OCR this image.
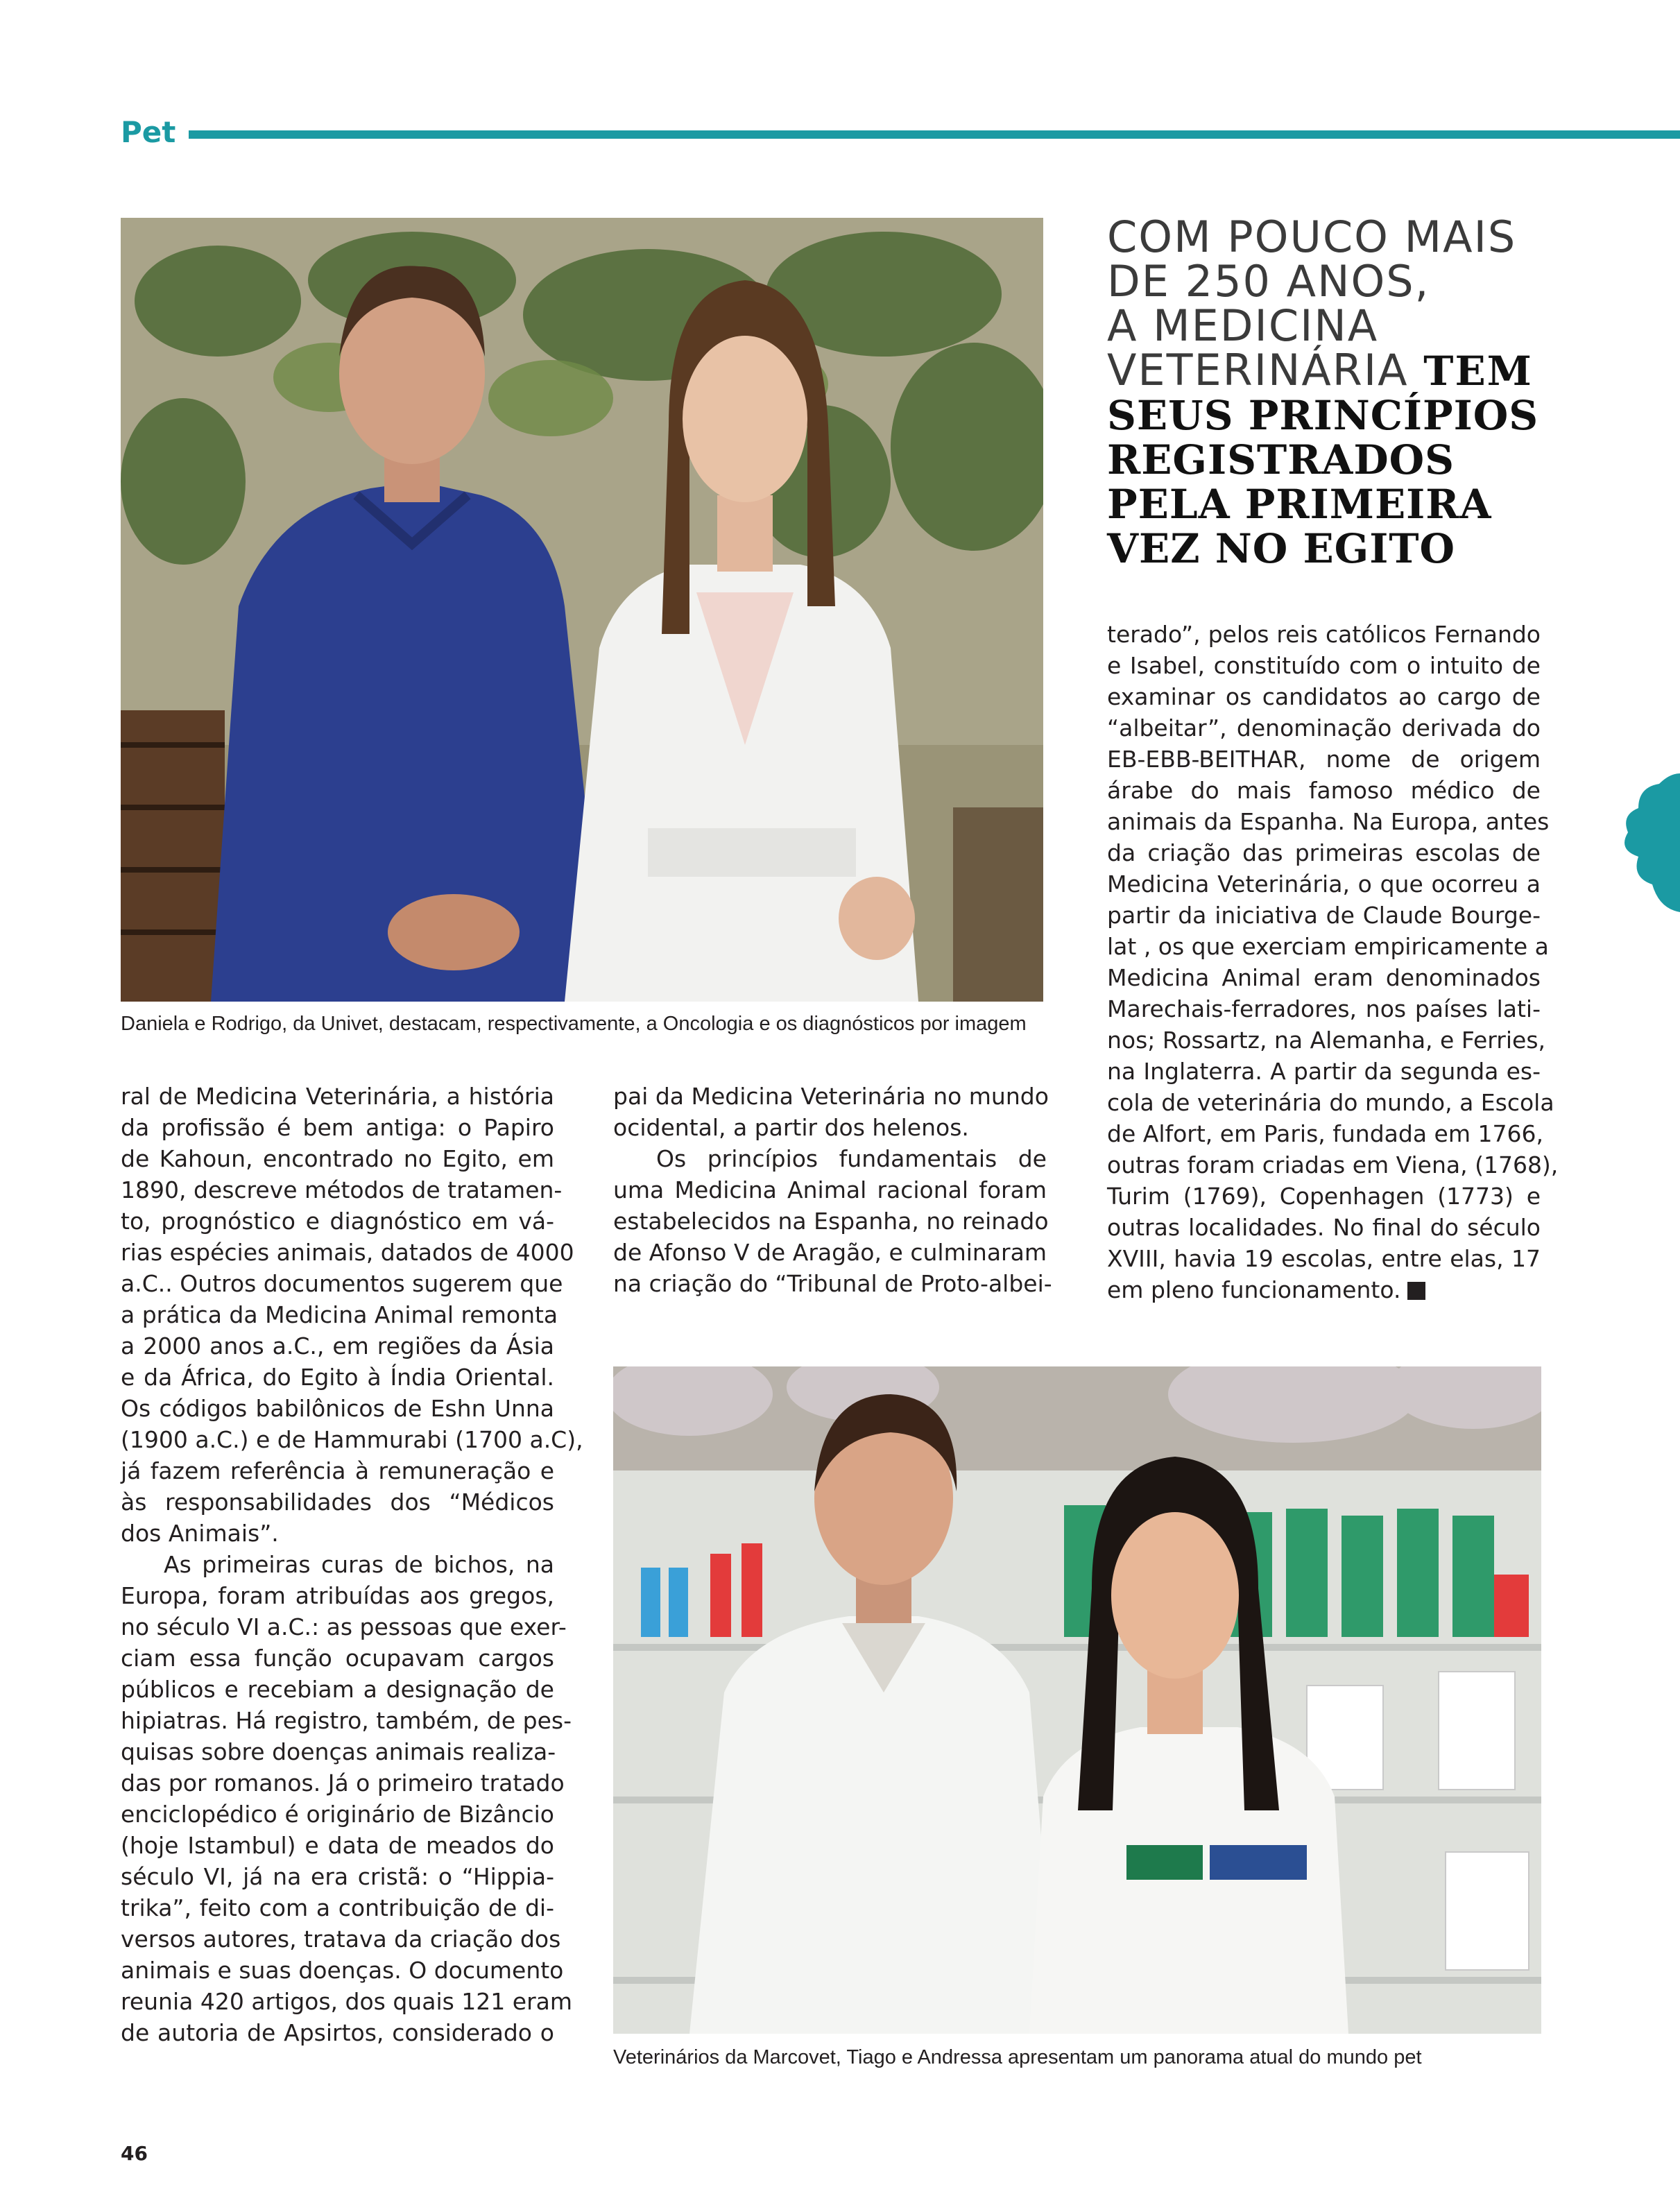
Pet
Daniela e Rodrigo, da Univet, destacam, respectivamente, a Oncologia e os diagnósticos por imagem
COM POUCO MAIS
DE 250 ANOS,
A MEDICINA
VETERINÁRIA TEM
SEUS PRINCÍPIOS
REGISTRADOS
PELA PRIMEIRA
VEZ NO EGITO

ral de Medicina Veterinária, a história

da profissão é bem antiga: o Papiro

de Kahoun, encontrado no Egito, em

1890, descreve métodos de tratamen-

to, prognóstico e diagnóstico em vá-

rias espécies animais, datados de 4000

a.C.. Outros documentos sugerem que

a prática da Medicina Animal remonta

a 2000 anos a.C., em regiões da Ásia

e da África, do Egito à Índia Oriental.

Os códigos babilônicos de Eshn Unna

(1900 a.C.) e de Hammurabi (1700 a.C),

já fazem referência à remuneração e

às responsabilidades dos “Médicos

dos Animais”.

As primeiras curas de bichos, na

Europa, foram atribuídas aos gregos,

no século VI a.C.: as pessoas que exer-

ciam essa função ocupavam cargos

públicos e recebiam a designação de

hipiatras. Há registro, também, de pes-

quisas sobre doenças animais realiza-

das por romanos. Já o primeiro tratado

enciclopédico é originário de Bizâncio

(hoje Istambul) e data de meados do

século VI, já na era cristã: o “Hippia-

trika”, feito com a contribuição de di-

versos autores, tratava da criação dos

animais e suas doenças. O documento

reunia 420 artigos, dos quais 121 eram

de autoria de Apsirtos, considerado o

pai da Medicina Veterinária no mundo

ocidental, a partir dos helenos.

Os princípios fundamentais de

uma Medicina Animal racional foram

estabelecidos na Espanha, no reinado

de Afonso V de Aragão, e culminaram

na criação do “Tribunal de Proto-albei-

terado”, pelos reis católicos Fernando

e Isabel, constituído com o intuito de

examinar os candidatos ao cargo de

“albeitar”, denominação derivada do

EB-EBB-BEITHAR, nome de origem

árabe do mais famoso médico de

animais da Espanha. Na Europa, antes

da criação das primeiras escolas de

Medicina Veterinária, o que ocorreu a

partir da iniciativa de Claude Bourge-

lat , os que exerciam empiricamente a

Medicina Animal eram denominados

Marechais-ferradores, nos países lati-

nos; Rossartz, na Alemanha, e Ferries,

na Inglaterra. A partir da segunda es-

cola de veterinária do mundo, a Escola

de Alfort, em Paris, fundada em 1766,

outras foram criadas em Viena, (1768),

Turim (1769), Copenhagen (1773) e

outras localidades. No final do século

XVIII, havia 19 escolas, entre elas, 17

em pleno funcionamento.

Veterinários da Marcovet, Tiago e Andressa apresentam um panorama atual do mundo pet
46
